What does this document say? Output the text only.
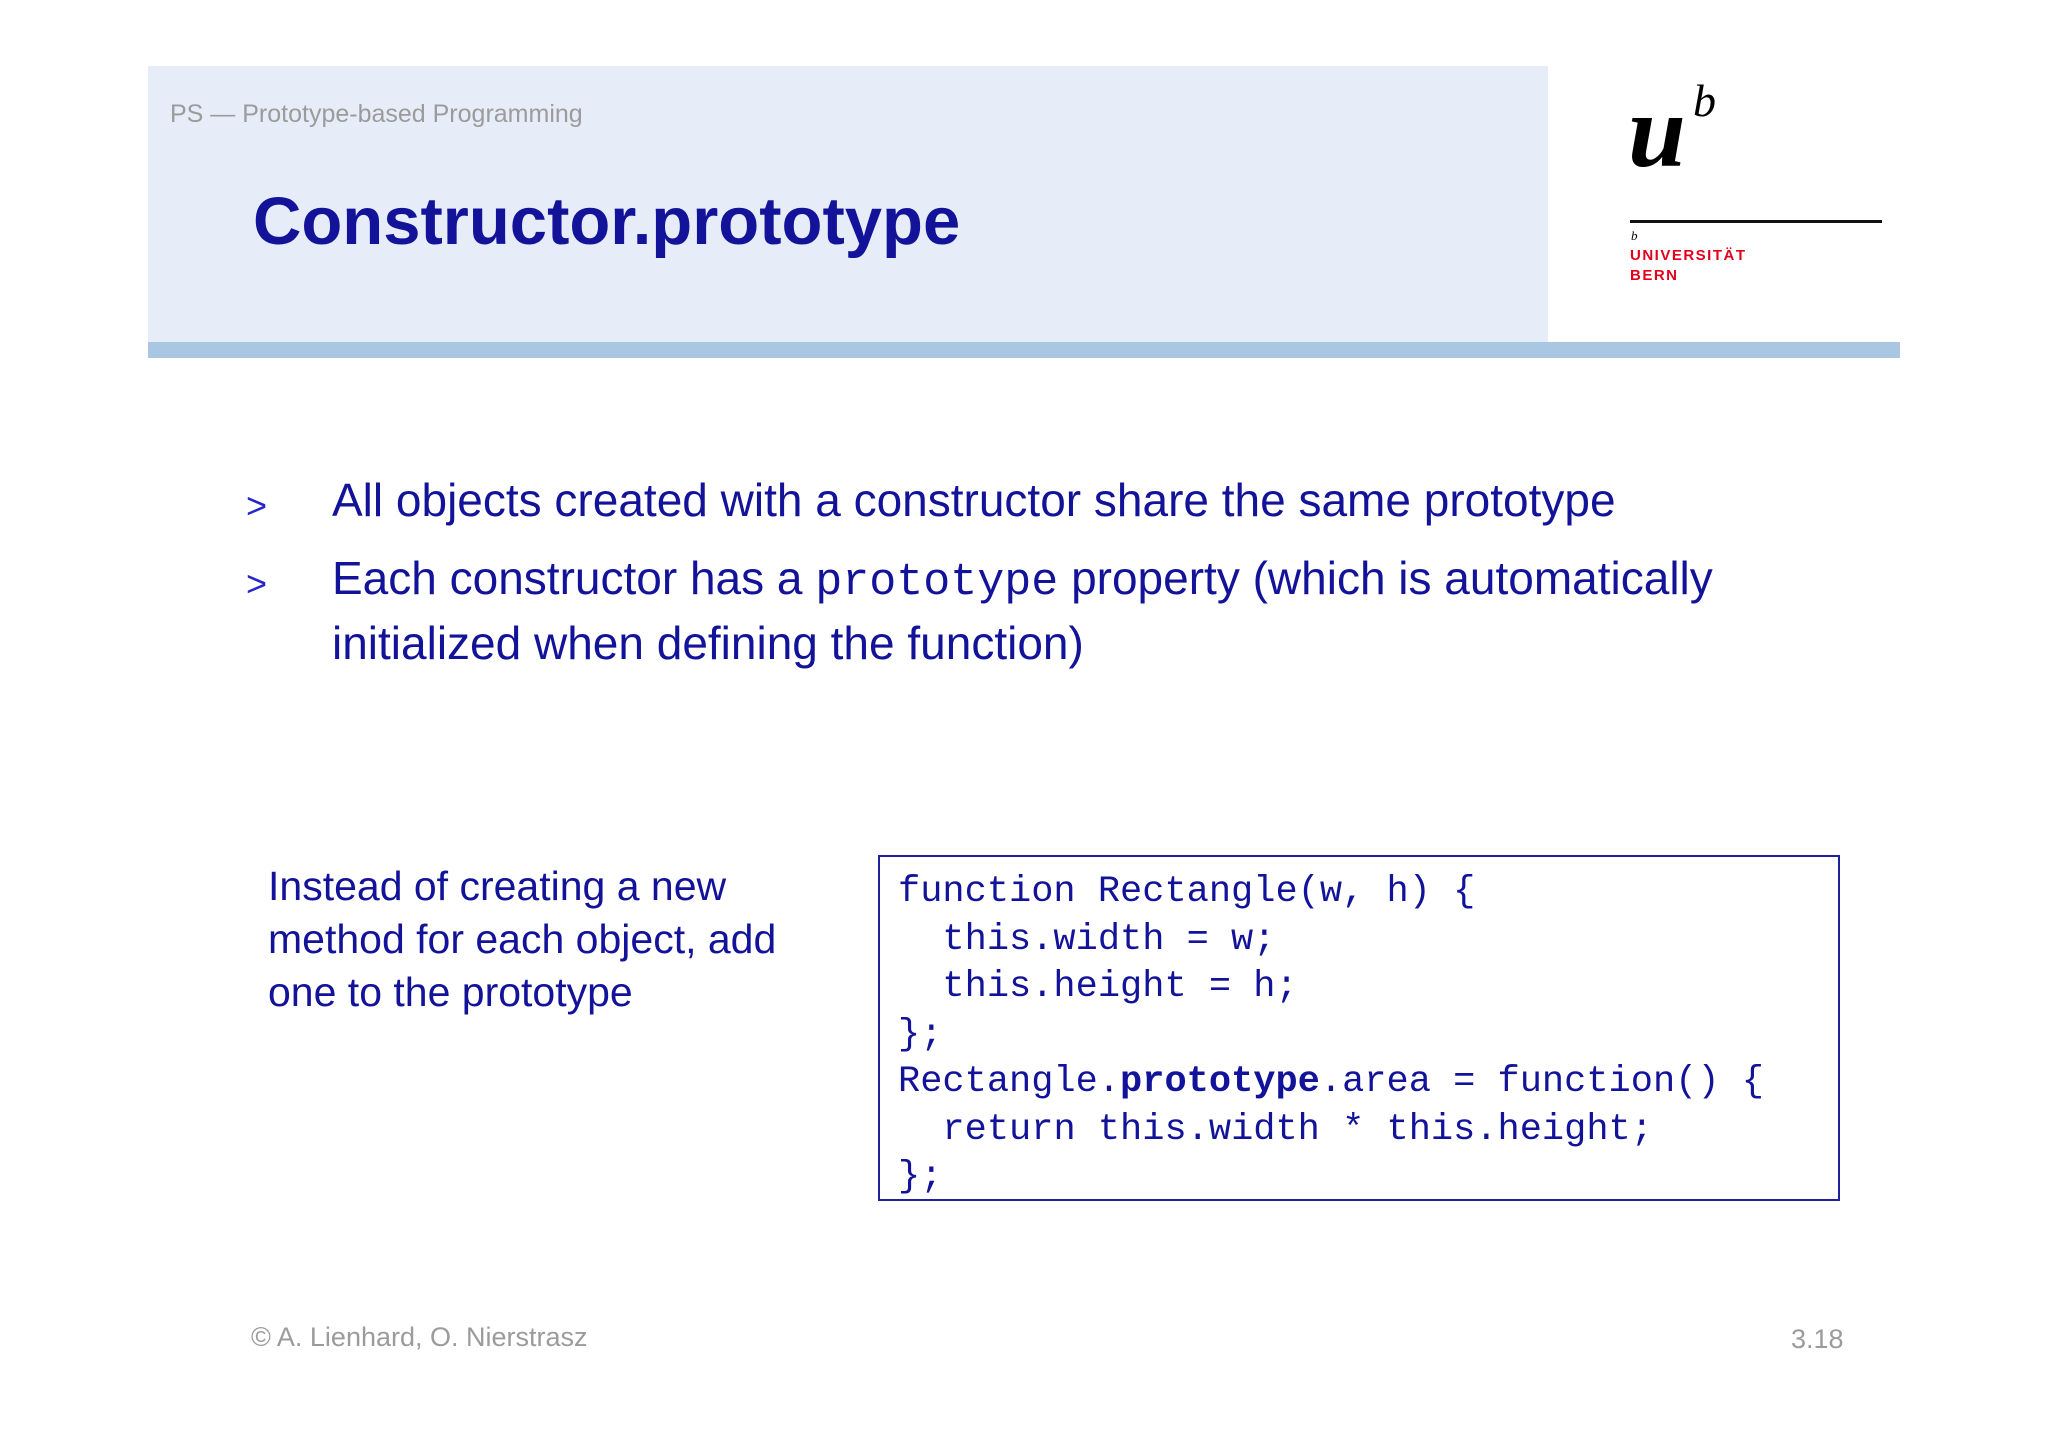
PS — Prototype-based Programming
Constructor.prototype
u b
b
UNIVERSITÄT
BERN
>	All objects created with a constructor share the same prototype
>	Each constructor has a prototype property (which is automatically initialized when defining the function)
Instead of creating a new method for each object, add one to the prototype
function Rectangle(w, h) {
this.width = w;
this.height = h;
};
Rectangle.prototype.area = function() {
return this.width * this.height;
};
© A. Lienhard, O. Nierstrasz	3.18
